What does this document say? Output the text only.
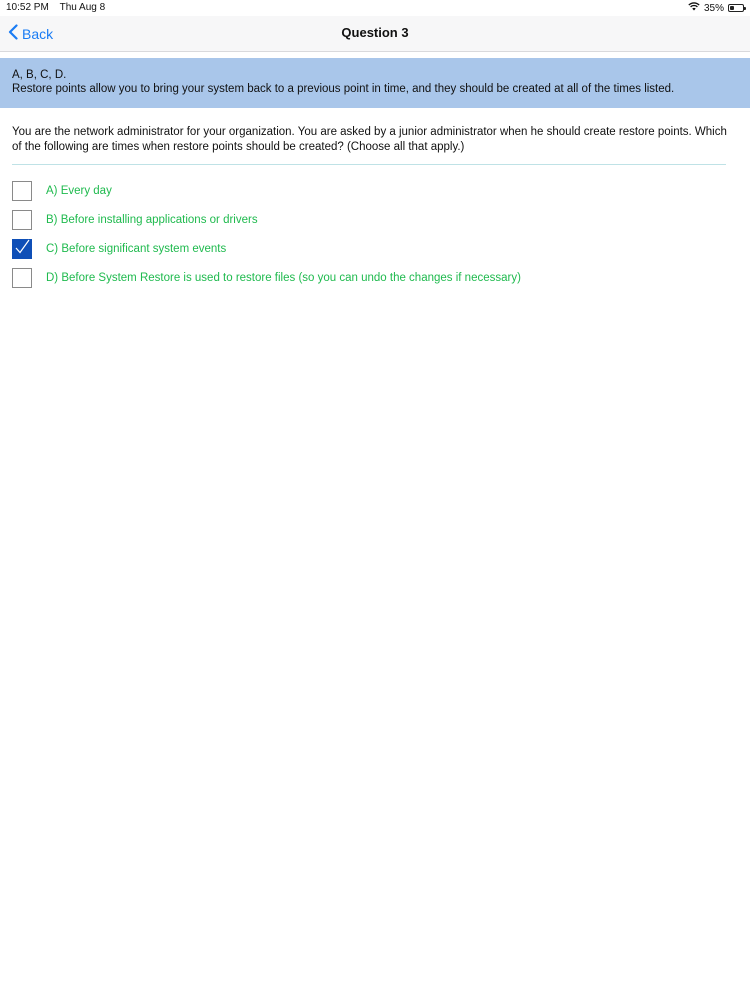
10:52 PM Thu Aug 8	35%
Back	Question 3
A, B, C, D.
Restore points allow you to bring your system back to a previous point in time, and they should be created at all of the times listed.
You are the network administrator for your organization. You are asked by a junior administrator when he should create restore points. Which of the following are times when restore points should be created? (Choose all that apply.)
A) Every day
B) Before installing applications or drivers
C) Before significant system events
D) Before System Restore is used to restore files (so you can undo the changes if necessary)
